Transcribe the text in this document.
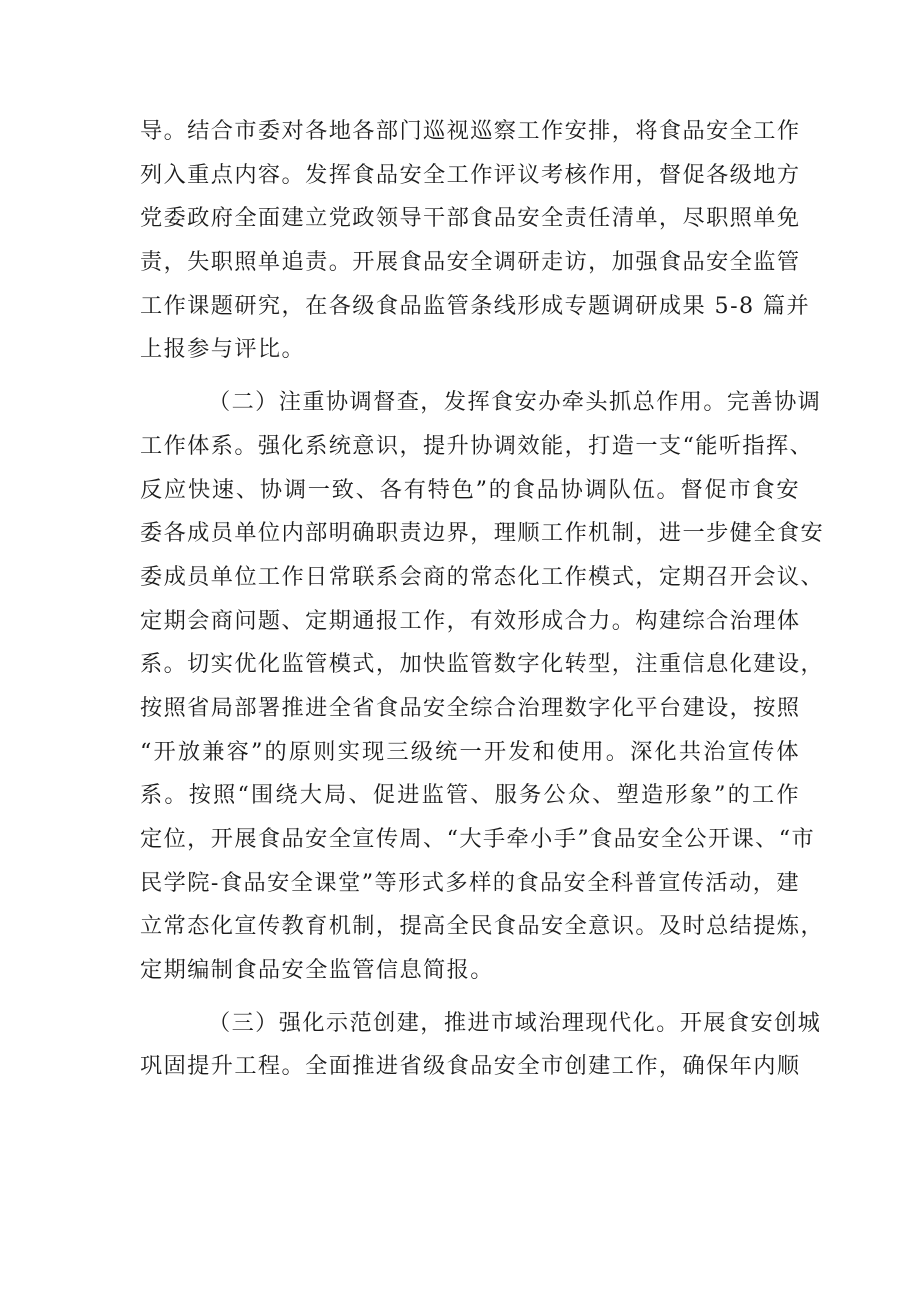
导。结合市委对各地各部门巡视巡察工作安排，将食品安全工作
列入重点内容。发挥食品安全工作评议考核作用，督促各级地方
党委政府全面建立党政领导干部食品安全责任清单，尽职照单免
责，失职照单追责。开展食品安全调研走访，加强食品安全监管
工作课题研究，在各级食品监管条线形成专题调研成果 5-8 篇并
上报参与评比。
（二）注重协调督查，发挥食安办牵头抓总作用。完善协调
工作体系。强化系统意识，提升协调效能，打造一支“能听指挥、
反应快速、协调一致、各有特色”的食品协调队伍。督促市食安
委各成员单位内部明确职责边界，理顺工作机制，进一步健全食安
委成员单位工作日常联系会商的常态化工作模式，定期召开会议、
定期会商问题、定期通报工作，有效形成合力。构建综合治理体
系。切实优化监管模式，加快监管数字化转型，注重信息化建设，
按照省局部署推进全省食品安全综合治理数字化平台建设，按照
“开放兼容”的原则实现三级统一开发和使用。深化共治宣传体
系。按照“围绕大局、促进监管、服务公众、塑造形象”的工作
定位，开展食品安全宣传周、“大手牵小手”食品安全公开课、“市
民学院-食品安全课堂”等形式多样的食品安全科普宣传活动，建
立常态化宣传教育机制，提高全民食品安全意识。及时总结提炼，
定期编制食品安全监管信息简报。
（三）强化示范创建，推进市域治理现代化。开展食安创城
巩固提升工程。全面推进省级食品安全市创建工作，确保年内顺
